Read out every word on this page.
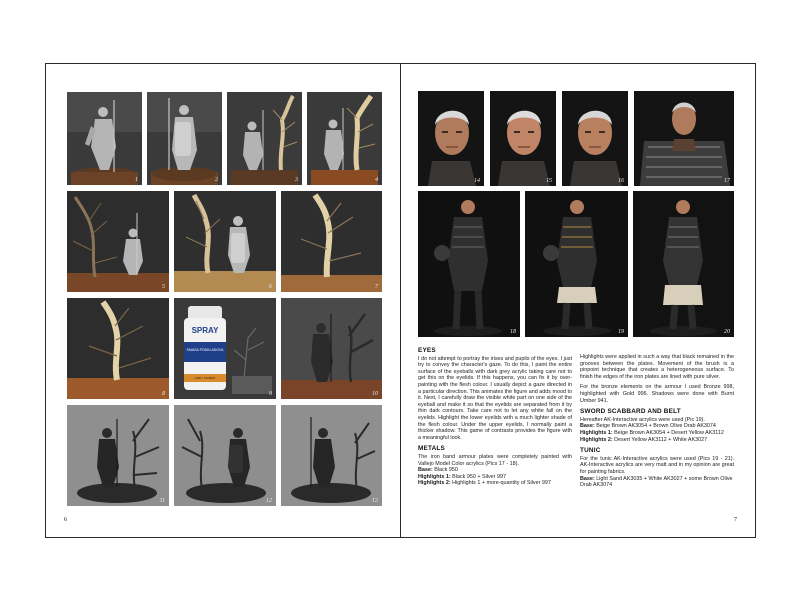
1	2	3	4
5	6	7
8
SPRAY
SMASA PODKLADOVA
GREY PRIMER
9	10
11	12	12
6
14	15	16	17
18	19	20
EYES

I do not attempt to portray the irises and pupils of the eyes. I just try to convey the character's gaze. To do this, I paint the entire surface of the eyeballs with dark grey acrylic taking care not to get this on the eyelids. If this happens, you can fix it by over-painting with the flesh colour. I usually depict a gaze directed in a particular direction. This animates the figure and adds mood to it. Next, I carefully draw the visible white part on one side of the eyeball and make it so that the eyelids are separated from it by thin dark contours. Take care not to let any white fall on the eyelids. Highlight the lower eyelids with a much lighter shade of the flesh colour. Under the upper eyelids, I normally paint a thicker shadow. This game of contrasts provides the figure with a meaningful look.

METALS

The iron band armour plates were completely painted with Vallejo Model Color acrylics (Pics 17 - 18).

Base: Black 950
Highlights 1: Black 950 + Silver 997
Highlights 2: Highlights 1 + more-quantity of Silver 997

Highlights were applied in such a way that black remained in the grooves between the plates. Movement of the brush is a pinpoint technique that creates a heterogeneous surface. To finish the edges of the iron plates are lined with pure silver.

For the bronze elements on the armour I used Bronze 998, highlighted with Gold 996. Shadows were done with Burnt Umber 941.

SWORD SCABBARD AND BELT
Hereafter AK-Interactive acrylics were used (Pic 19).
Base: Beige Brown AK3054 + Brown Olive Drab AK3074
Highlights 1: Beige Brown AK3054 + Desert Yellow AK3112
Highlights 2: Desert Yellow AK3112 + White AK3027
TUNIC

For the tunic AK-Interactive acrylics were used (Pics 19 - 21). AK-Interactive acrylics are very matt and in my opinion are great for painting fabrics.

Base: Light Sand AK3035 + White AK3027 + some Brown Olive Drab AK3074
7
